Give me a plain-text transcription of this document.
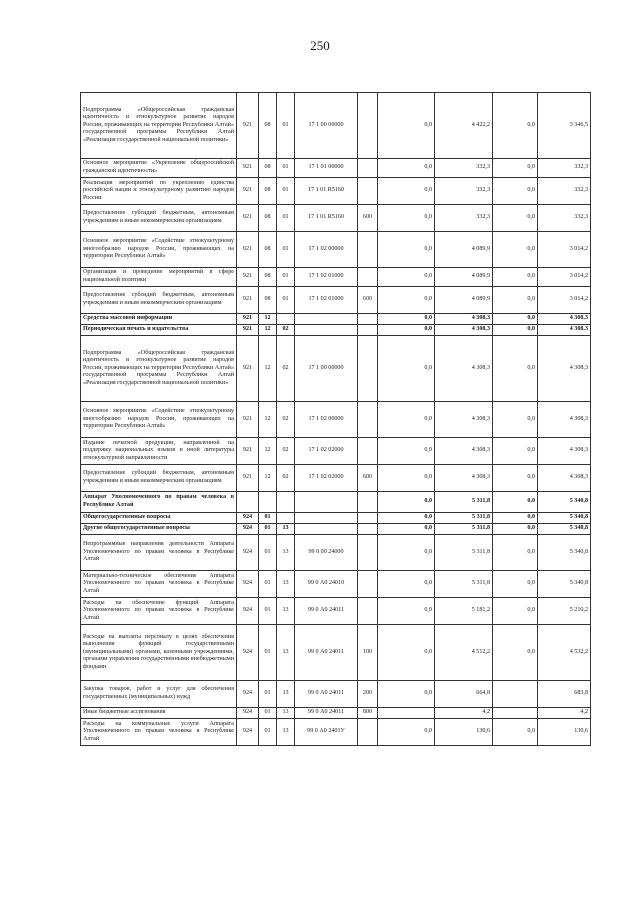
250
Подпрограмма «Общероссийская гражданская идентичность и этнокультурное развитие народов России, проживающих на территории Республики Алтай» государственной программы Республики Алтай «Реализация государственной национальной политики»	921	08	01	17 1 00 00000		0,0	4 422,2	0,0	3 346,5
Основное мероприятие «Укрепление общероссийской гражданской идентичности»	921	08	01	17 1 01 00000		0,0	332,3	0,0	332,3
Реализация мероприятий по укреплению единства российской нации и этнокультурному развитию народов России	921	08	01	17 1 01 R5160		0,0	332,3	0,0	332,3
Предоставление субсидий бюджетным, автономным учреждениям и иным некоммерческим организациям	921	08	01	17 1 01 R5160	600	0,0	332,3	0,0	332,3
Основное мероприятие «Содействие этнокультурному многообразию народов России, проживающих на территории Республики Алтай»	921	08	01	17 1 02 00000		0,0	4 089,9	0,0	3 014,2
Организация и проведение мероприятий в сфере национальной политики	921	08	01	17 1 02 01000		0,0	4 089,9	0,0	3 014,2
Предоставление субсидий бюджетным, автономным учреждениям и иным некоммерческим организациям	921	08	01	17 1 02 01000	600	0,0	4 089,9	0,0	3 014,2
Средства массовой информации	921	12				0,0	4 308,3	0,0	4 308,3
Периодическая печать и издательства	921	12	02			0,0	4 308,3	0,0	4 308,3
Подпрограмма «Общероссийская гражданская идентичность и этнокультурное развитие народов России, проживающих на территории Республики Алтай» государственной программы Республики Алтай «Реализация государственной национальной политики»	921	12	02	17 1 00 00000		0,0	4 308,3	0,0	4 308,3
Основное мероприятие «Содействие этнокультурному многообразию народов России, проживающих на территории Республики Алтай»	921	12	02	17 1 02 00000		0,0	4 308,3	0,0	4 308,3
Издание печатной продукции, направленной на поддержку национальных языков и иной литературы этнокультурной направленности	921	12	02	17 1 02 02000		0,0	4 308,3	0,0	4 308,3
Предоставление субсидий бюджетным, автономным учреждениям и иным некоммерческим организациям	921	12	02	17 1 02 02000	600	0,0	4 308,3	0,0	4 308,3
Аппарат Уполномоченного по правам человека в Республике Алтай						0,0	5 311,8	0,0	5 340,8
Общегосударственные вопросы	924	01				0,0	5 311,8	0,0	5 340,8
Другие общегосударственные вопросы	924	01	13			0,0	5 311,8	0,0	5 340,8
Непрограммные направления деятельности Аппарата Уполномоченного по правам человека в Республике Алтай	924	01	13	99 0 00 24000		0,0	5 311,8	0,0	5 340,8
Материально-техническое обеспечение Аппарата Уполномоченного по правам человека в Республике Алтай	924	01	13	99 0 А0 24010		0,0	5 311,8	0,0	5 340,8
Расходы на обеспечение функций Аппарата Уполномоченного по правам человека в Республике Алтай	924	01	13	99 0 А0 24011		0,0	5 181,2	0,0	5 210,2
Расходы на выплаты персоналу в целях обеспечения выполнения функций государственными (муниципальными) органами, казенными учреждениями, органами управления государственными внебюджетными фондами	924	01	13	99 0 А0 24011	100	0,0	4 512,2	0,0	4 532,2
Закупка товаров, работ и услуг для обеспечения государственных (муниципальных) нужд	924	01	13	99 0 А0 24011	200	0,0	664,8		683,8
Иные бюджетные ассигнования	924	01	13	99 0 А0 24011	800		4,2		4,2
Расходы на коммунальные услуги Аппарата Уполномоченного по правам человека в Республике Алтай	924	01	13	99 0 А0 2401У		0,0	130,6	0,0	130,6
